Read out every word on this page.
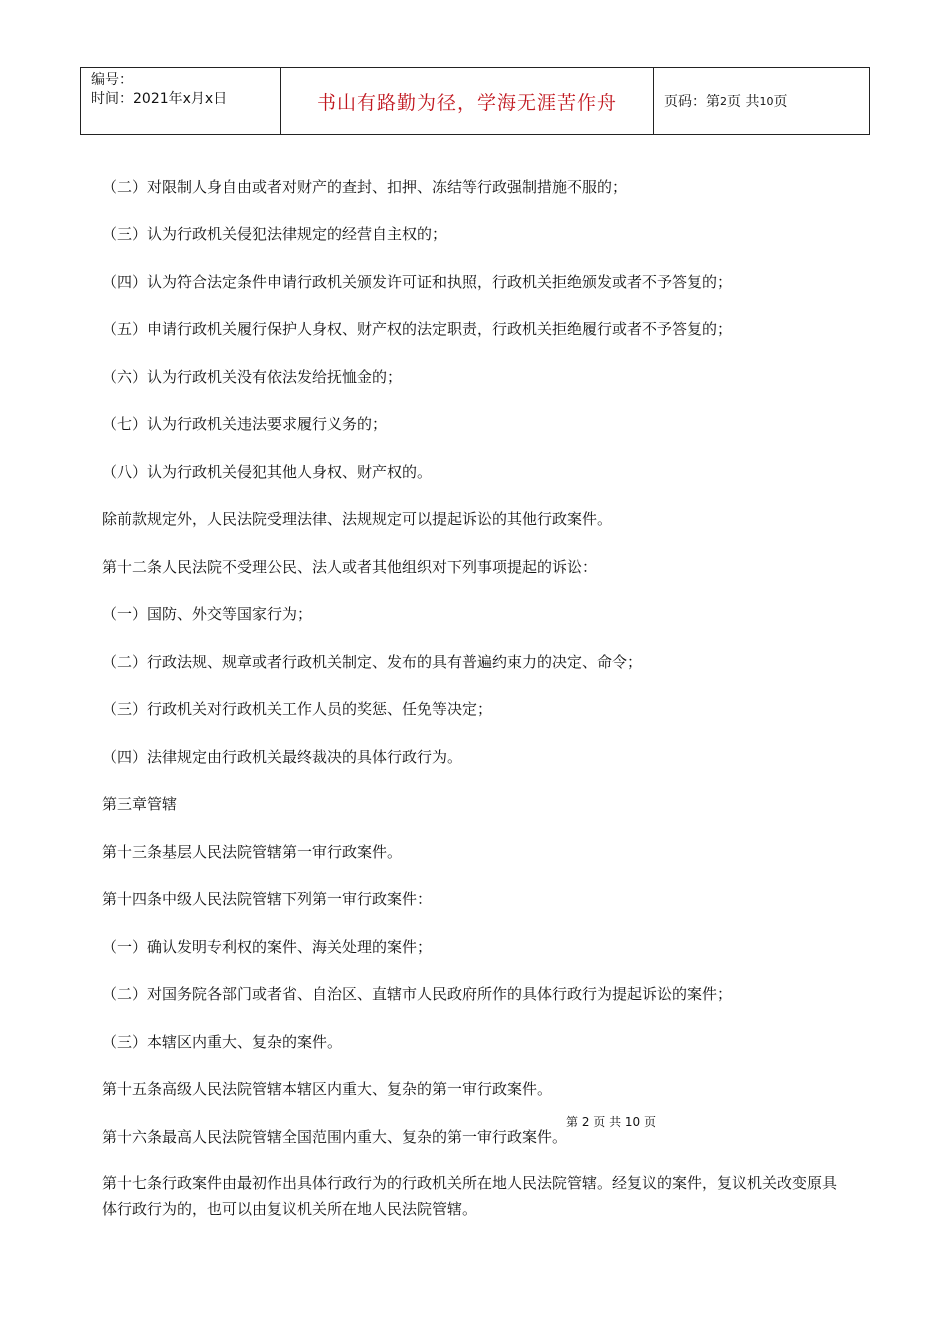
编号：
时间：2021年x月x日	书山有路勤为径，学海无涯苦作舟	页码：第 2 页 共 10 页
（二）对限制人身自由或者对财产的查封、扣押、冻结等行政强制措施不服的；
（三）认为行政机关侵犯法律规定的经营自主权的；
（四）认为符合法定条件申请行政机关颁发许可证和执照，行政机关拒绝颁发或者不予答复的；
（五）申请行政机关履行保护人身权、财产权的法定职责，行政机关拒绝履行或者不予答复的；
（六）认为行政机关没有依法发给抚恤金的；
（七）认为行政机关违法要求履行义务的；
（八）认为行政机关侵犯其他人身权、财产权的。
除前款规定外，人民法院受理法律、法规规定可以提起诉讼的其他行政案件。
第十二条人民法院不受理公民、法人或者其他组织对下列事项提起的诉讼：
（一）国防、外交等国家行为；
（二）行政法规、规章或者行政机关制定、发布的具有普遍约束力的决定、命令；
（三）行政机关对行政机关工作人员的奖惩、任免等决定；
（四）法律规定由行政机关最终裁决的具体行政行为。
第三章管辖
第十三条基层人民法院管辖第一审行政案件。
第十四条中级人民法院管辖下列第一审行政案件：
（一）确认发明专利权的案件、海关处理的案件；
（二）对国务院各部门或者省、自治区、直辖市人民政府所作的具体行政行为提起诉讼的案件；
（三）本辖区内重大、复杂的案件。
第十五条高级人民法院管辖本辖区内重大、复杂的第一审行政案件。
第十六条最高人民法院管辖全国范围内重大、复杂的第一审行政案件。
第十七条行政案件由最初作出具体行政行为的行政机关所在地人民法院管辖。经复议的案件，复议机关改变原具体行政行为的，也可以由复议机关所在地人民法院管辖。
第 2 页 共 10 页
